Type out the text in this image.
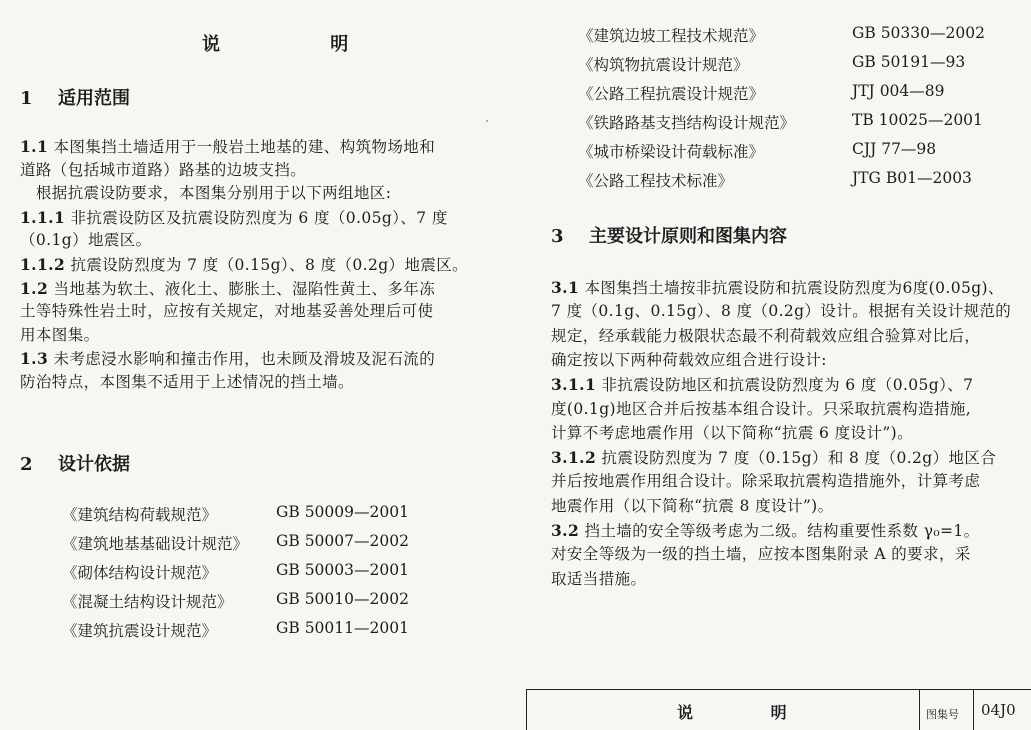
说 明
1 适用范围
1.1 本图集挡土墙适用于一般岩土地基的建、构筑物场地和
道路（包括城市道路）路基的边坡支挡。
　根据抗震设防要求，本图集分别用于以下两组地区:
1.1.1 非抗震设防区及抗震设防烈度为 6 度（0.05g）、7 度
（0.1g）地震区。
1.1.2 抗震设防烈度为 7 度（0.15g）、8 度（0.2g）地震区。
1.2 当地基为软土、液化土、膨胀土、湿陷性黄土、多年冻
土等特殊性岩土时，应按有关规定，对地基妥善处理后可使
用本图集。
1.3 未考虑浸水影响和撞击作用，也未顾及滑坡及泥石流的
防治特点，本图集不适用于上述情况的挡土墙。
2 设计依据
《建筑结构荷载规范》	GB 50009—2001
《建筑地基基础设计规范》 GB 50007—2002
《砌体结构设计规范》	GB 50003—2001
《混凝土结构设计规范》	GB 50010—2002
《建筑抗震设计规范》	GB 50011—2001
《建筑边坡工程技术规范》	GB 50330—2002
《构筑物抗震设计规范》	GB 50191—93
《公路工程抗震设计规范》	JTJ 004—89
《铁路路基支挡结构设计规范》	TB 10025—2001
《城市桥梁设计荷载标准》	CJJ 77—98
《公路工程技术标准》	JTG B01—2003
3 主要设计原则和图集内容
3.1 本图集挡土墙按非抗震设防和抗震设防烈度为6度(0.05g)、
7 度（0.1g、0.15g）、8 度（0.2g）设计。根据有关设计规范的
规定，经承载能力极限状态最不利荷载效应组合验算对比后，
确定按以下两种荷载效应组合进行设计:
3.1.1 非抗震设防地区和抗震设防烈度为 6 度（0.05g）、7
度(0.1g)地区合并后按基本组合设计。只采取抗震构造措施,
计算不考虑地震作用（以下简称“抗震 6 度设计”)。
3.1.2 抗震设防烈度为 7 度（0.15g）和 8 度（0.2g）地区合
并后按地震作用组合设计。除采取抗震构造措施外，计算考虑
地震作用（以下简称“抗震 8 度设计”)。
3.2 挡土墙的安全等级考虑为二级。结构重要性系数 γ₀=1。
对安全等级为一级的挡土墙，应按本图集附录 A 的要求，采
取适当措施。
说 明	图集号 04J0
